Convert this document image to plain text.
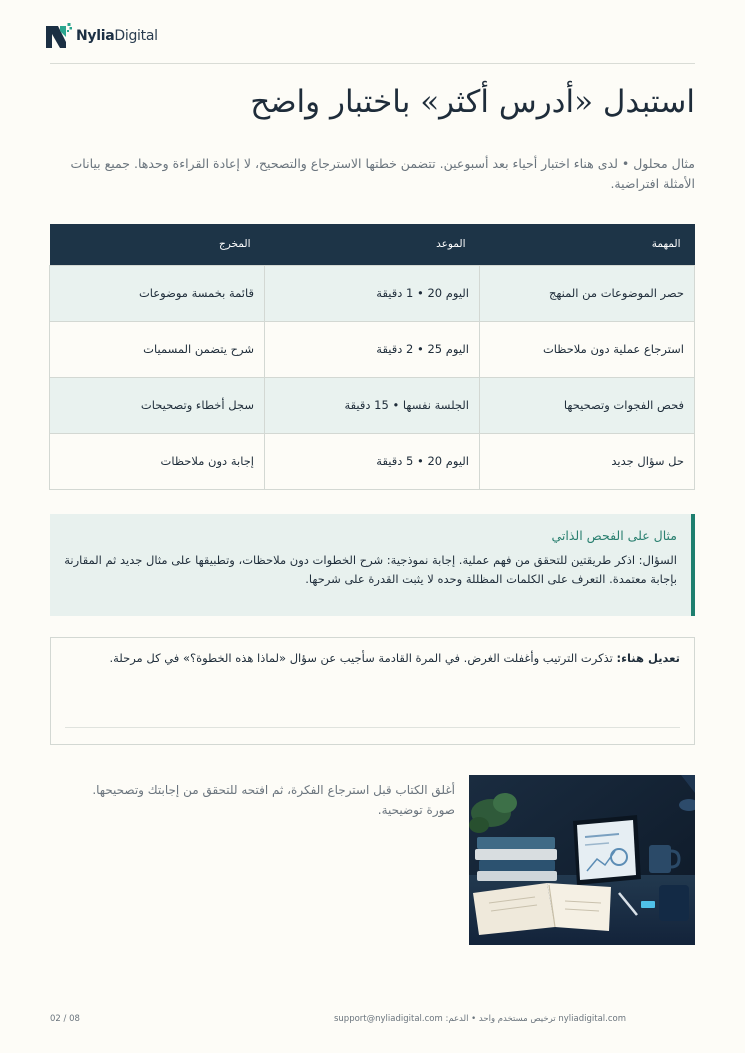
NyliaDigital
استبدل «أدرس أكثر» باختبار واضح

مثال محلول • لدى هناء اختبار أحياء بعد أسبوعين. تتضمن خطتها الاسترجاع والتصحيح، لا إعادة القراءة وحدها. جميع بيانات الأمثلة افتراضية.

المهمة	الموعد	المخرج
حصر الموضوعات من المنهج	اليوم 20 • 1 دقيقة	قائمة بخمسة موضوعات
استرجاع عملية دون ملاحظات	اليوم 25 • 2 دقيقة	شرح يتضمن المسميات
فحص الفجوات وتصحيحها	الجلسة نفسها • 15 دقيقة	سجل أخطاء وتصحيحات
حل سؤال جديد	اليوم 20 • 5 دقيقة	إجابة دون ملاحظات
مثال على الفحص الذاتي
السؤال: اذكر طريقتين للتحقق من فهم عملية. إجابة نموذجية: شرح الخطوات دون ملاحظات، وتطبيقها على مثال جديد ثم المقارنة بإجابة معتمدة. التعرف على الكلمات المظللة وحده لا يثبت القدرة على شرحها.

تعديل هناء: تذكرت الترتيب وأغفلت الغرض. في المرة القادمة سأجيب عن سؤال «لماذا هذه الخطوة؟» في كل مرحلة.

أغلق الكتاب قبل استرجاع الفكرة، ثم افتحه للتحقق من إجابتك وتصحيحها.
صورة توضيحية.
nyliadigital.com ترخيص مستخدم واحد • الدعم: support@nyliadigital.com
02 / 08
